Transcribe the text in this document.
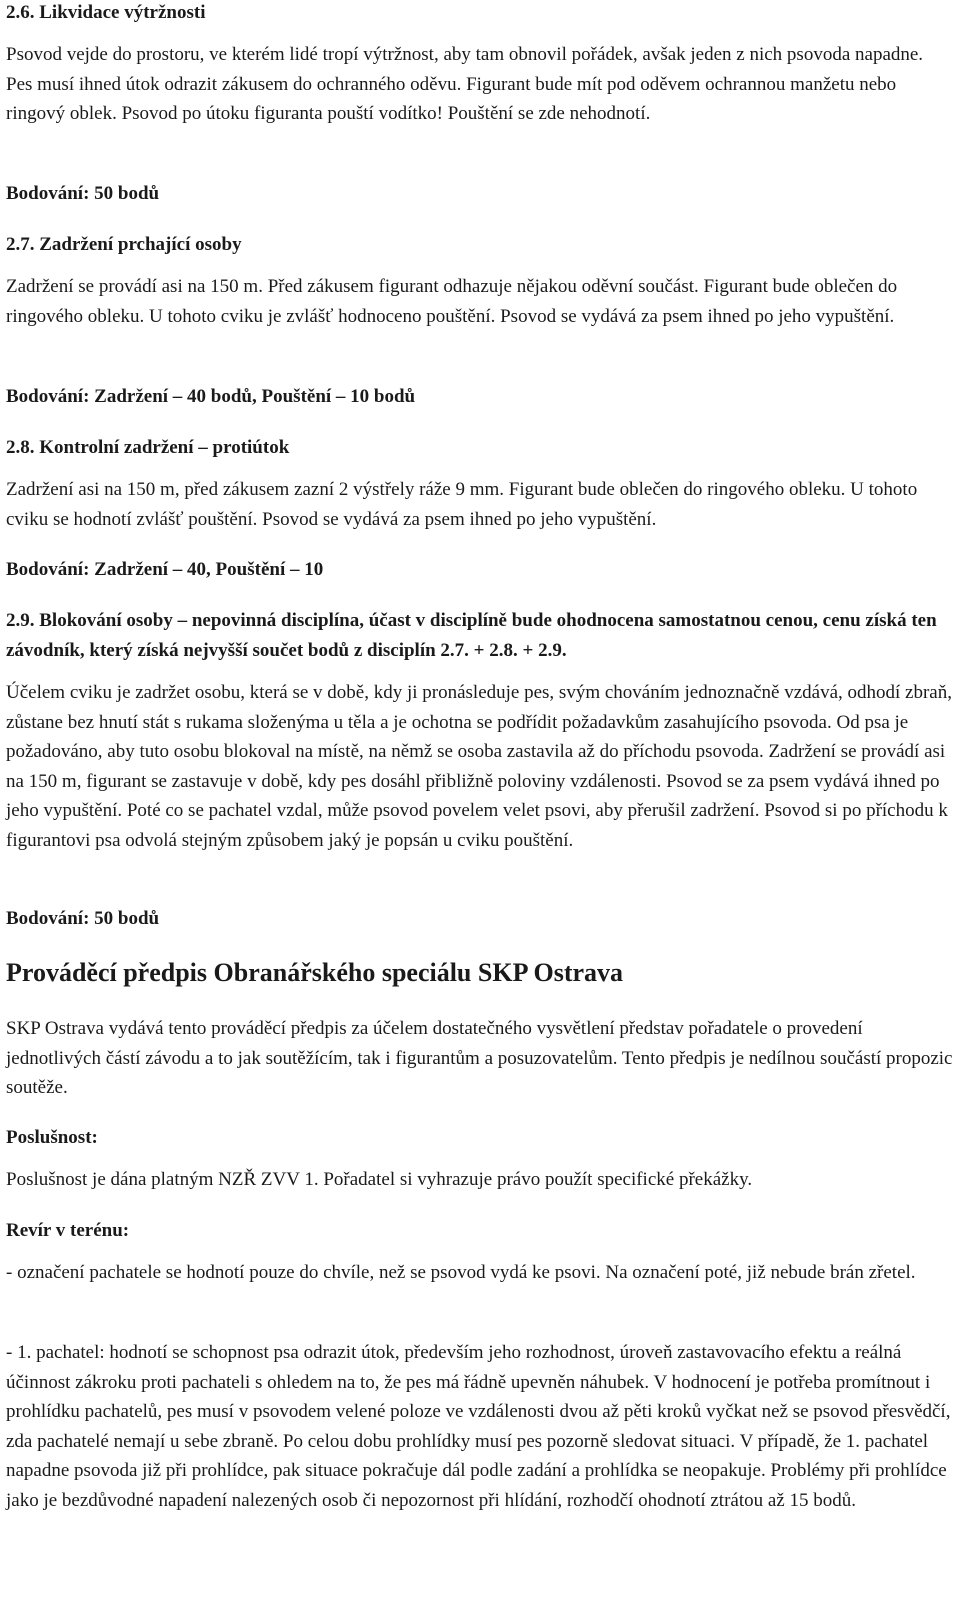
2.6. Likvidace výtržnosti

Psovod vejde do prostoru, ve kterém lidé tropí výtržnost, aby tam obnovil pořádek, avšak jeden z nich psovoda napadne. Pes musí ihned útok odrazit zákusem do ochranného oděvu. Figurant bude mít pod oděvem ochrannou manžetu nebo ringový oblek. Psovod po útoku figuranta pouští vodítko! Pouštění se zde nehodnotí.

Bodování: 50 bodů

2.7. Zadržení prchající osoby

Zadržení se provádí asi na 150 m. Před zákusem figurant odhazuje nějakou oděvní součást. Figurant bude oblečen do ringového obleku. U tohoto cviku je zvlášť hodnoceno pouštění. Psovod se vydává za psem ihned po jeho vypuštění.

Bodování: Zadržení – 40 bodů, Pouštění – 10 bodů

2.8. Kontrolní zadržení – protiútok

Zadržení asi na 150 m, před zákusem zazní 2 výstřely ráže 9 mm. Figurant bude oblečen do ringového obleku. U tohoto cviku se hodnotí zvlášť pouštění. Psovod se vydává za psem ihned po jeho vypuštění.

Bodování: Zadržení – 40, Pouštění – 10

2.9. Blokování osoby – nepovinná disciplína, účast v disciplíně bude ohodnocena samostatnou cenou, cenu získá ten závodník, který získá nejvyšší součet bodů z disciplín 2.7. + 2.8. + 2.9.

Účelem cviku je zadržet osobu, která se v době, kdy ji pronásleduje pes, svým chováním jednoznačně vzdává, odhodí zbraň, zůstane bez hnutí stát s rukama složenýma u těla a je ochotna se podřídit požadavkům zasahujícího psovoda. Od psa je požadováno, aby tuto osobu blokoval na místě, na němž se osoba zastavila až do příchodu psovoda. Zadržení se provádí asi na 150 m, figurant se zastavuje v době, kdy pes dosáhl přibližně poloviny vzdálenosti. Psovod se za psem vydává ihned po jeho vypuštění. Poté co se pachatel vzdal, může psovod povelem velet psovi, aby přerušil zadržení. Psovod si po příchodu k figurantovi psa odvolá stejným způsobem jaký je popsán u cviku pouštění.

Bodování: 50 bodů

Prováděcí předpis Obranářského speciálu SKP Ostrava

SKP Ostrava vydává tento prováděcí předpis za účelem dostatečného vysvětlení představ pořadatele o provedení jednotlivých částí závodu a to jak soutěžícím, tak i figurantům a posuzovatelům. Tento předpis je nedílnou součástí propozic soutěže.

Poslušnost:

Poslušnost je dána platným NZŘ ZVV 1. Pořadatel si vyhrazuje právo použít specifické překážky.

Revír v terénu:

- označení pachatele se hodnotí pouze do chvíle, než se psovod vydá ke psovi. Na označení poté, již nebude brán zřetel.

- 1. pachatel: hodnotí se schopnost psa odrazit útok, především jeho rozhodnost, úroveň zastavovacího efektu a reálná účinnost zákroku proti pachateli s ohledem na to, že pes má řádně upevněn náhubek. V hodnocení je potřeba promítnout i prohlídku pachatelů, pes musí v psovodem velené poloze ve vzdálenosti dvou až pěti kroků vyčkat než se psovod přesvědčí, zda pachatelé nemají u sebe zbraně. Po celou dobu prohlídky musí pes pozorně sledovat situaci. V případě, že 1. pachatel napadne psovoda již při prohlídce, pak situace pokračuje dál podle zadání a prohlídka se neopakuje. Problémy při prohlídce jako je bezdůvodné napadení nalezených osob či nepozornost při hlídání, rozhodčí ohodnotí ztrátou až 15 bodů.
